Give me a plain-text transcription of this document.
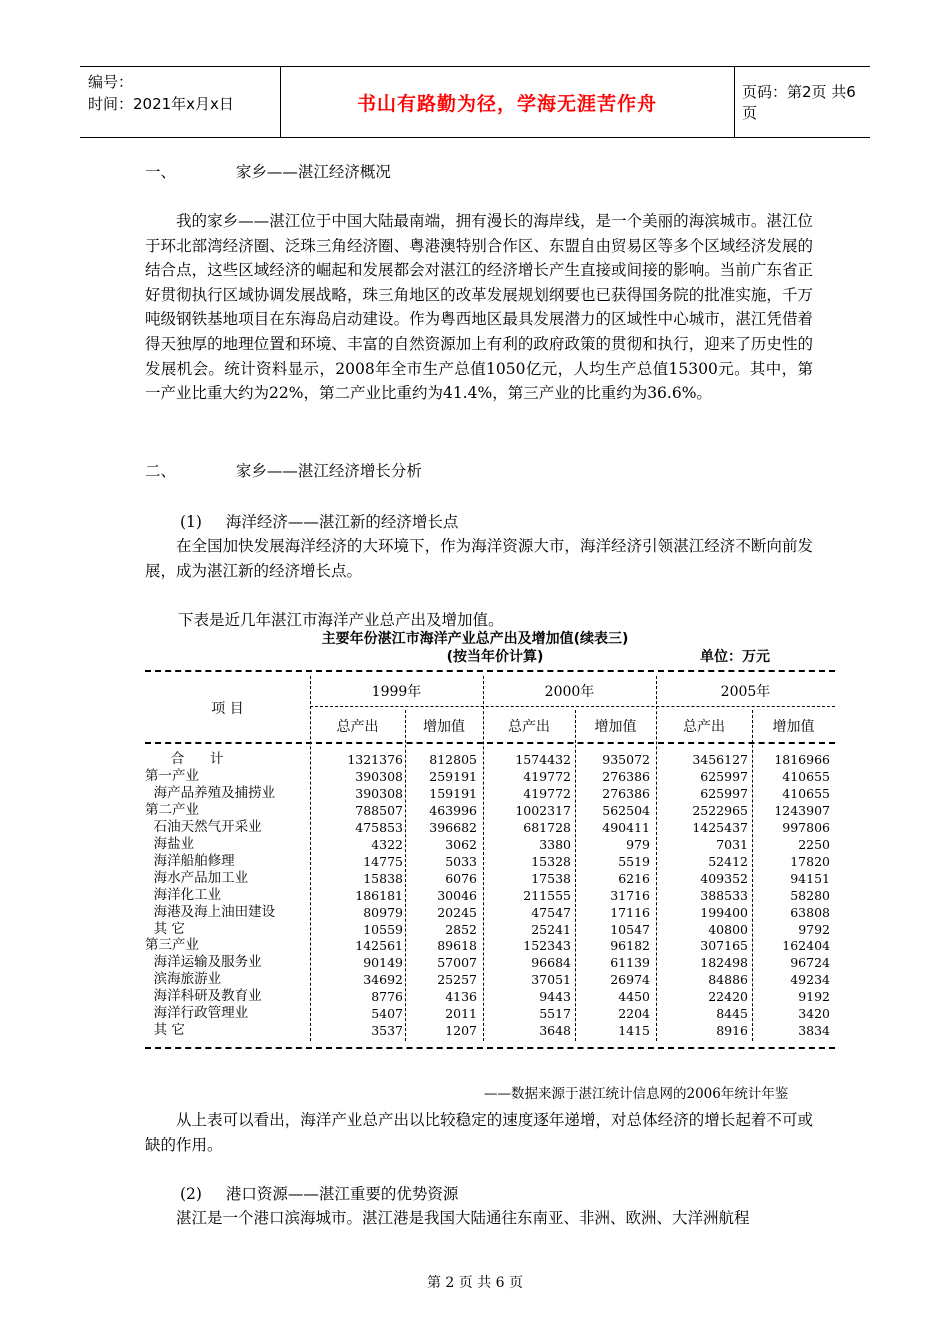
编号：
时间：2021年x月x日	书山有路勤为径，学海无涯苦作舟
页码：第2页 共6页
一、	家乡——湛江经济概况
我的家乡——湛江位于中国大陆最南端，拥有漫长的海岸线，是一个美丽的海滨城市。湛江位于环北部湾经济圈、泛珠三角经济圈、粤港澳特别合作区、东盟自由贸易区等多个区域经济发展的结合点，这些区域经济的崛起和发展都会对湛江的经济增长产生直接或间接的影响。当前广东省正好贯彻执行区域协调发展战略，珠三角地区的改革发展规划纲要也已获得国务院的批准实施，千万吨级钢铁基地项目在东海岛启动建设。作为粤西地区最具发展潜力的区域性中心城市，湛江凭借着得天独厚的地理位置和环境、丰富的自然资源加上有利的政府政策的贯彻和执行，迎来了历史性的发展机会。统计资料显示，2008年全市生产总值1050亿元，人均生产总值15300元。其中，第一产业比重大约为22%，第二产业比重约为41.4%，第三产业的比重约为36.6%。
二、	家乡——湛江经济增长分析
(1) 海洋经济——湛江新的经济增长点
在全国加快发展海洋经济的大环境下，作为海洋资源大市，海洋经济引领湛江经济不断向前发展，成为湛江新的经济增长点。
下表是近几年湛江市海洋产业总产出及增加值。
主要年份湛江市海洋产业总产出及增加值(续表三)
(按当年价计算)	单位：万元
项 目
1999年	2000年	2005年
总产出	增加值	总产出	增加值	总产出	增加值
合      计	1321376	812805	1574432	935072	3456127	1816966
第一产业	390308	259191	419772	276386	625997	410655
海产品养殖及捕捞业	390308	159191	419772	276386	625997	410655
第二产业	788507	463996	1002317	562504	2522965	1243907
石油天然气开采业	475853	396682	681728	490411	1425437	997806
海盐业	4322	3062	3380	979	7031	2250
海洋船舶修理	14775	5033	15328	5519	52412	17820
海水产品加工业	15838	6076	17538	6216	409352	94151
海洋化工业	186181	30046	211555	31716	388533	58280
海港及海上油田建设	80979	20245	47547	17116	199400	63808
其 它	10559	2852	25241	10547	40800	9792
第三产业	142561	89618	152343	96182	307165	162404
海洋运输及服务业	90149	57007	96684	61139	182498	96724
滨海旅游业	34692	25257	37051	26974	84886	49234
海洋科研及教育业	8776	4136	9443	4450	22420	9192
海洋行政管理业	5407	2011	5517	2204	8445	3420
其 它	3537	1207	3648	1415	8916	3834
——数据来源于湛江统计信息网的2006年统计年鉴
从上表可以看出，海洋产业总产出以比较稳定的速度逐年递增，对总体经济的增长起着不可或缺的作用。
(2) 港口资源——湛江重要的优势资源
湛江是一个港口滨海城市。湛江港是我国大陆通往东南亚、非洲、欧洲、大洋洲航程
第 2 页 共 6 页
